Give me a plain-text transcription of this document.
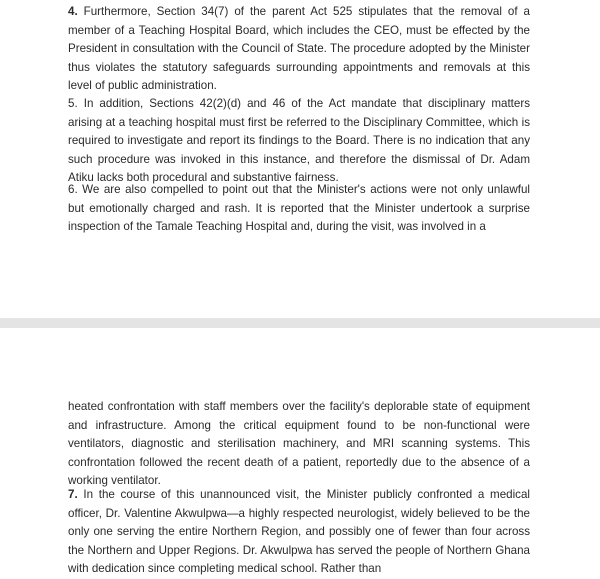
4. Furthermore, Section 34(7) of the parent Act 525 stipulates that the removal of a member of a Teaching Hospital Board, which includes the CEO, must be effected by the President in consultation with the Council of State. The procedure adopted by the Minister thus violates the statutory safeguards surrounding appointments and removals at this level of public administration.

5. In addition, Sections 42(2)(d) and 46 of the Act mandate that disciplinary matters arising at a teaching hospital must first be referred to the Disciplinary Committee, which is required to investigate and report its findings to the Board. There is no indication that any such procedure was invoked in this instance, and therefore the dismissal of Dr. Adam Atiku lacks both procedural and substantive fairness.

6. We are also compelled to point out that the Minister's actions were not only unlawful but emotionally charged and rash. It is reported that the Minister undertook a surprise inspection of the Tamale Teaching Hospital and, during the visit, was involved in a

heated confrontation with staff members over the facility's deplorable state of equipment and infrastructure. Among the critical equipment found to be non-functional were ventilators, diagnostic and sterilisation machinery, and MRI scanning systems. This confrontation followed the recent death of a patient, reportedly due to the absence of a working ventilator.

7. In the course of this unannounced visit, the Minister publicly confronted a medical officer, Dr. Valentine Akwulpwa—a highly respected neurologist, widely believed to be the only one serving the entire Northern Region, and possibly one of fewer than four across the Northern and Upper Regions. Dr. Akwulpwa has served the people of Northern Ghana with dedication since completing medical school. Rather than
